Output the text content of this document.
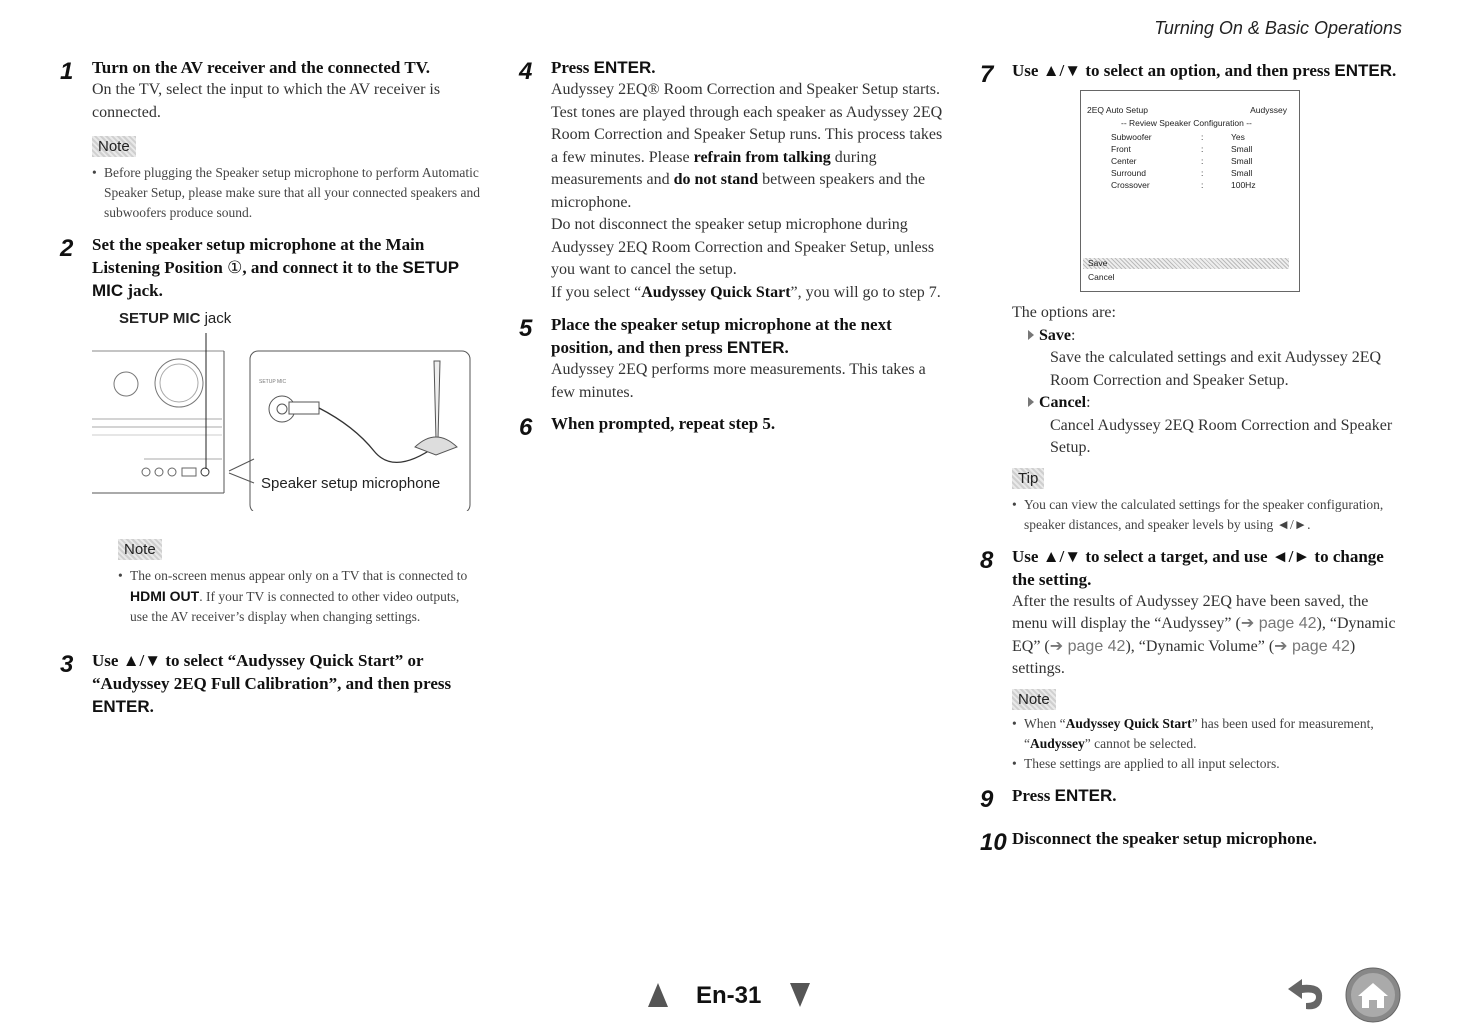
Turning On & Basic Operations
1 Turn on the AV receiver and the connected TV.
On the TV, select the input to which the AV receiver is connected.
Note
• Before plugging the Speaker setup microphone to perform Automatic Speaker Setup, please make sure that all your connected speakers and subwoofers produce sound.
2 Set the speaker setup microphone at the Main Listening Position ①, and connect it to the SETUP MIC jack.
SETUP MIC jack
SETUP MIC
Speaker setup microphone
Note
• The on-screen menus appear only on a TV that is connected to HDMI OUT. If your TV is connected to other video outputs, use the AV receiver’s display when changing settings.
3 Use ▲/▼ to select “Audyssey Quick Start” or “Audyssey 2EQ Full Calibration”, and then press ENTER.
4 Press ENTER.
Audyssey 2EQ® Room Correction and Speaker Setup starts.
Test tones are played through each speaker as Audyssey 2EQ Room Correction and Speaker Setup runs. This process takes a few minutes. Please refrain from talking during measurements and do not stand between speakers and the microphone.
Do not disconnect the speaker setup microphone during Audyssey 2EQ Room Correction and Speaker Setup, unless you want to cancel the setup.
If you select “Audyssey Quick Start”, you will go to step 7.
5 Place the speaker setup microphone at the next position, and then press ENTER.
Audyssey 2EQ performs more measurements. This takes a few minutes.
6 When prompted, repeat step 5.
7 Use ▲/▼ to select an option, and then press ENTER.
2EQ Auto Setup	Audyssey
-- Review Speaker Configuration --
Subwoofer	:	Yes
Front	:	Small
Center	:	Small
Surround	:	Small
Crossover	:	100Hz
Save
Cancel
The options are:
Save:
Save the calculated settings and exit Audyssey 2EQ Room Correction and Speaker Setup.
Cancel:
Cancel Audyssey 2EQ Room Correction and Speaker Setup.
Tip
• You can view the calculated settings for the speaker configuration, speaker distances, and speaker levels by using ◄/►.
8 Use ▲/▼ to select a target, and use ◄/► to change the setting.
After the results of Audyssey 2EQ have been saved, the menu will display the “Audyssey” (➔ page 42), “Dynamic EQ” (➔ page 42), “Dynamic Volume” (➔ page 42) settings.
Note
• When “Audyssey Quick Start” has been used for measurement, “Audyssey” cannot be selected.
• These settings are applied to all input selectors.
9 Press ENTER.
10 Disconnect the speaker setup microphone.
En-31
